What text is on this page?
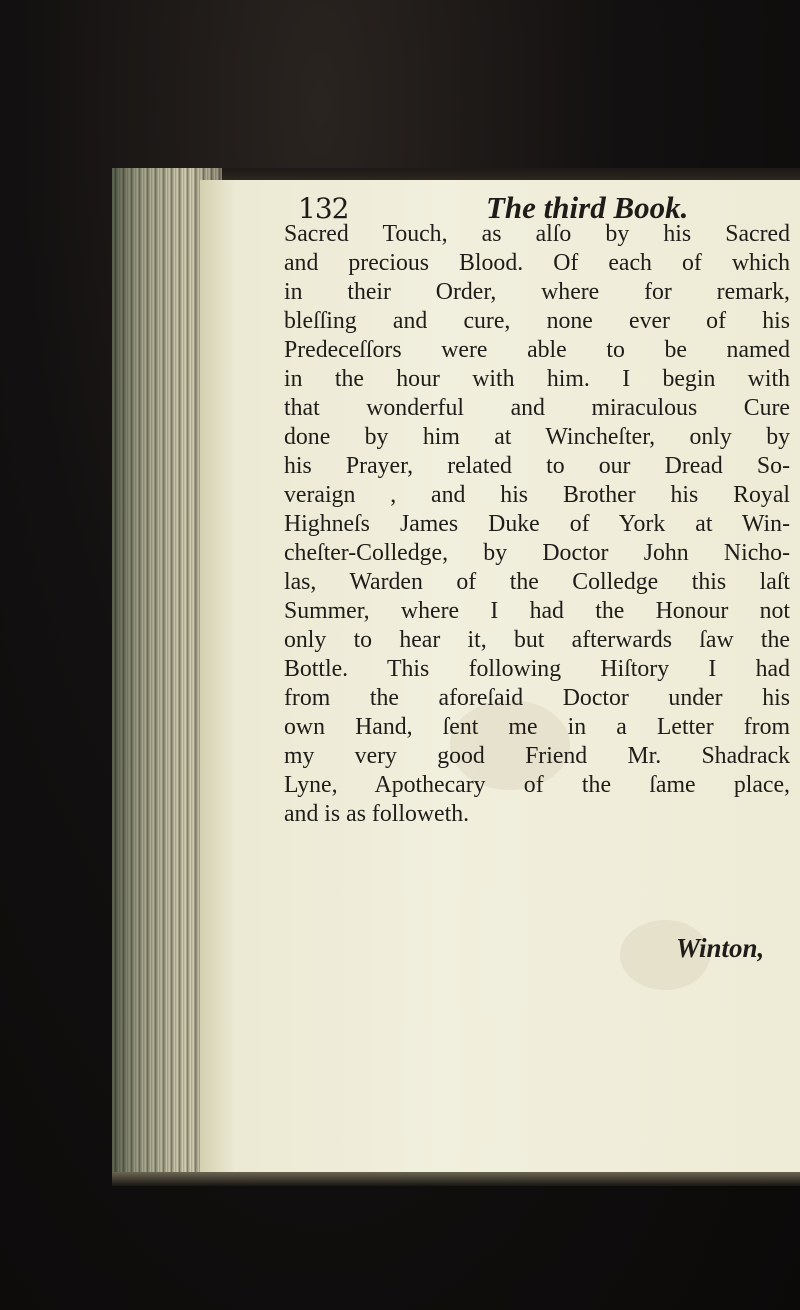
132	The third Book.
Sacred Touch, as alſo by his Sacred
and precious Blood. Of each of which
in their Order, where for remark,
bleſſing and cure, none ever of his
Predeceſſors were able to be named
in the hour with him. I begin with
that wonderful and miraculous Cure
done by him at Wincheſter, only by
his Prayer, related to our Dread So-
veraign , and his Brother his Royal
Highneſs James Duke of York at Win-
cheſter-Colledge, by Doctor John Nicho-
las, Warden of the Colledge this laſt
Summer, where I had the Honour not
only to hear it, but afterwards ſaw the
Bottle. This following Hiſtory I had
from the aforeſaid Doctor under his
own Hand, ſent me in a Letter from
my very good Friend Mr. Shadrack
Lyne, Apothecary of the ſame place,
and is as followeth.
Winton,
